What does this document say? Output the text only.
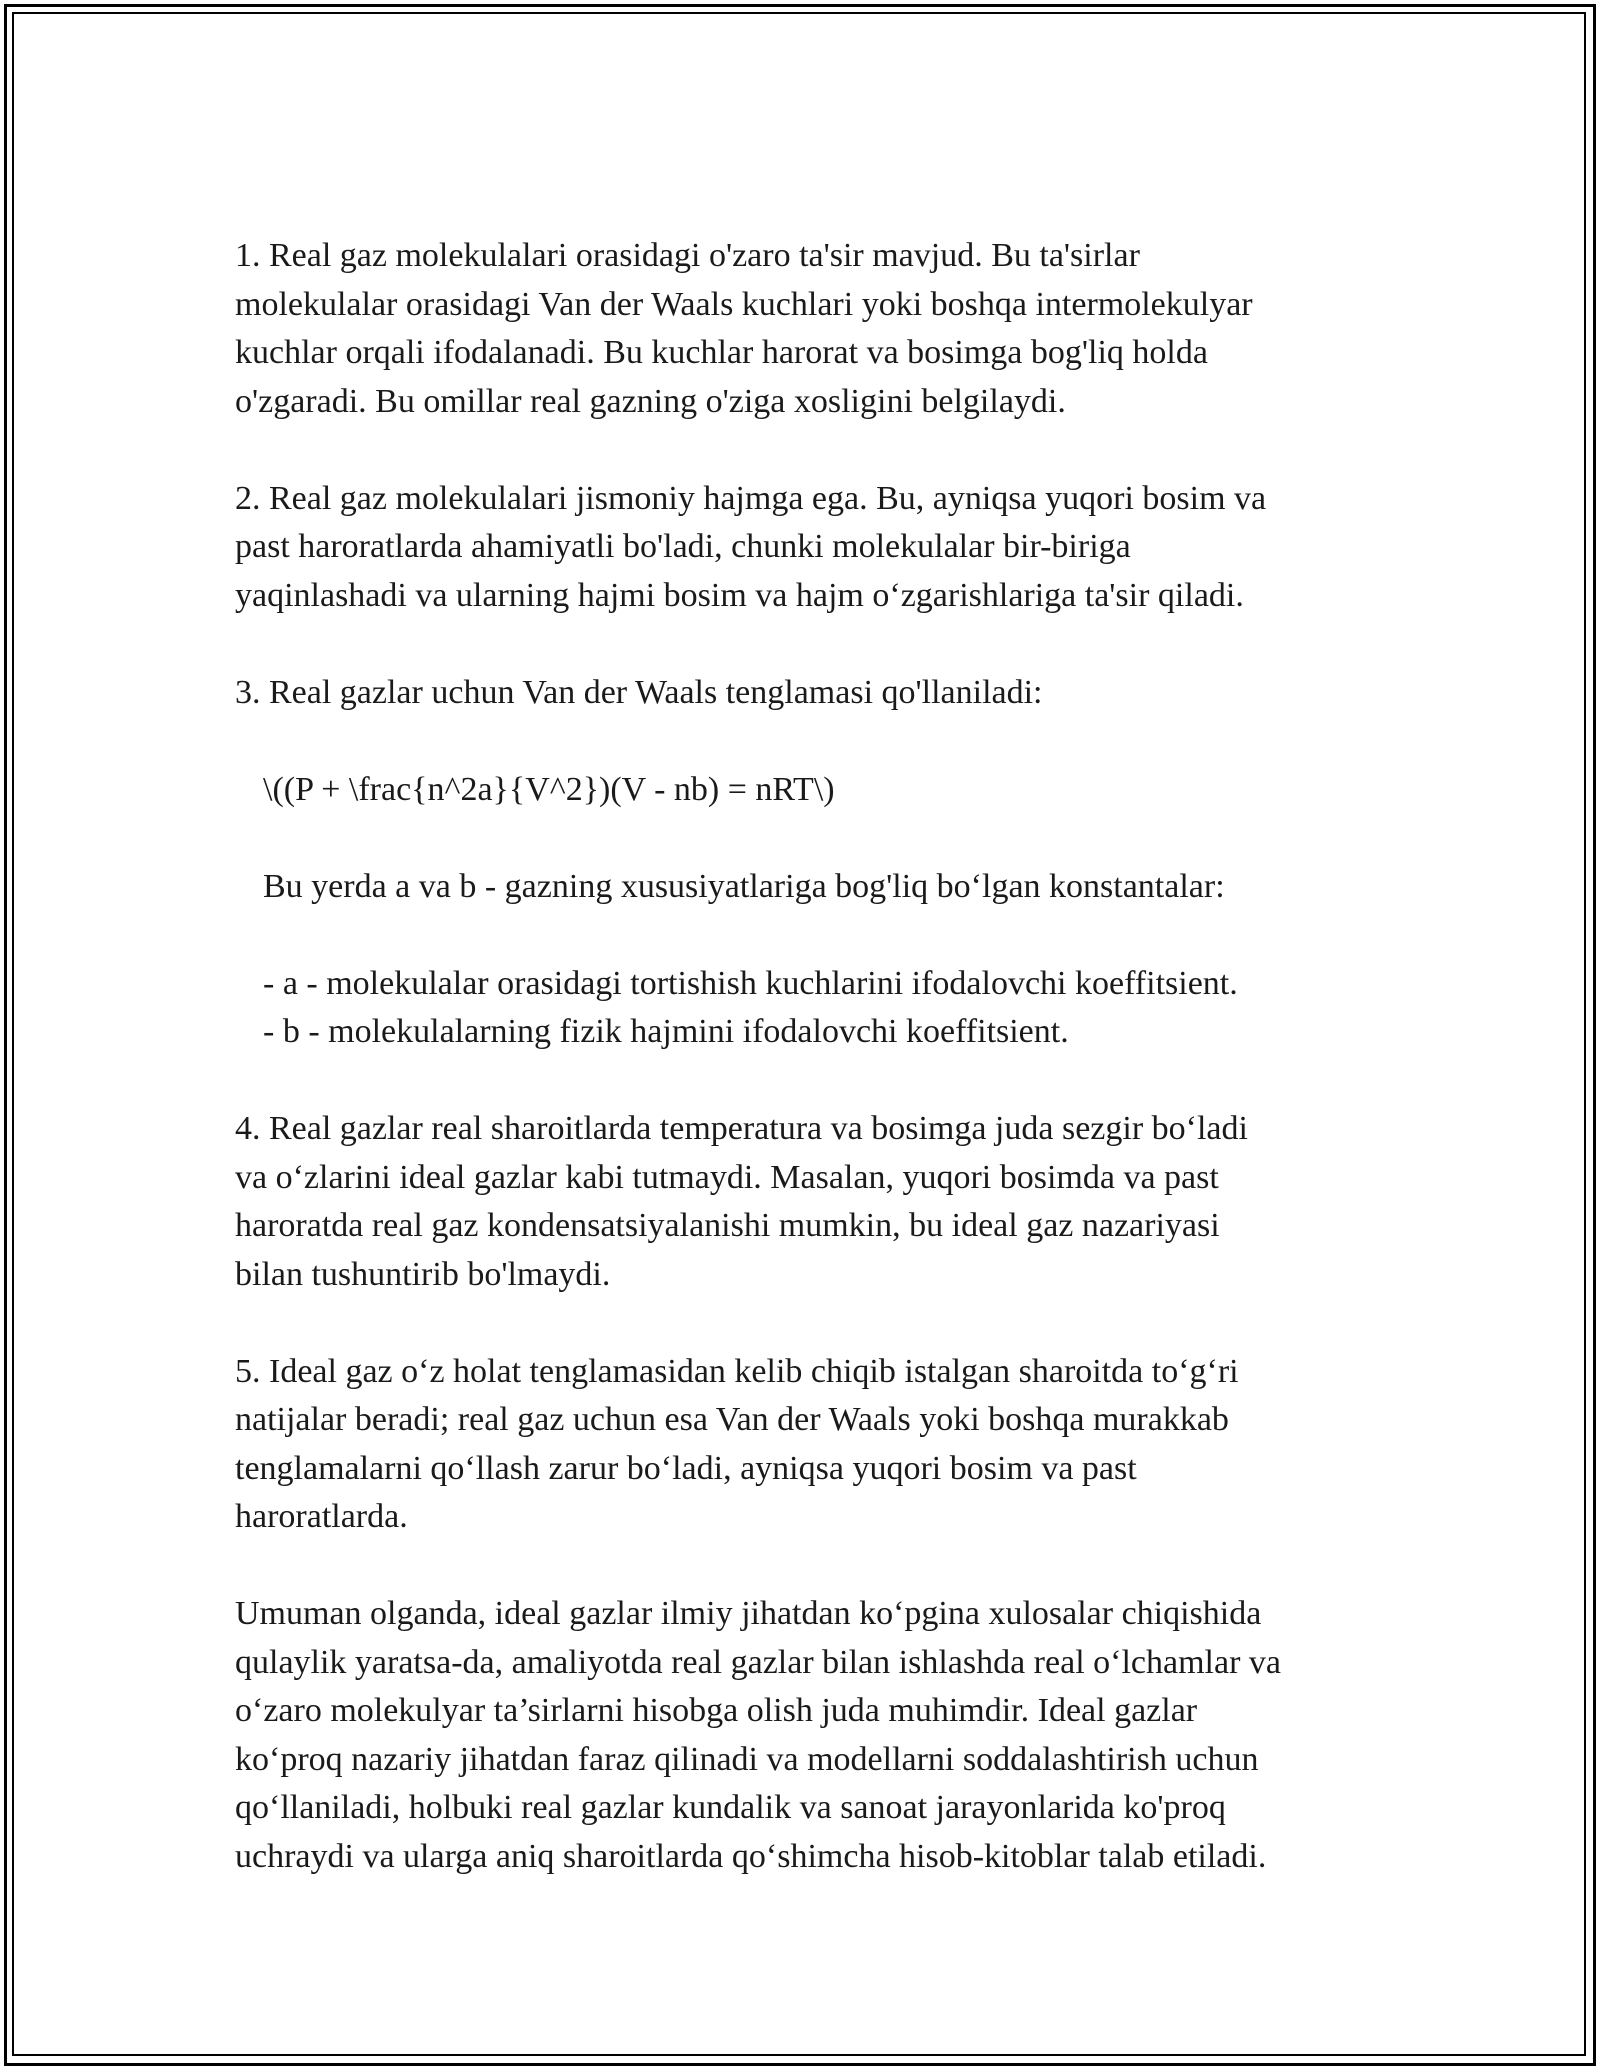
1. Real gaz molekulalari orasidagi o'zaro ta'sir mavjud. Bu ta'sirlar
molekulalar orasidagi Van der Waals kuchlari yoki boshqa intermolekulyar
kuchlar orqali ifodalanadi. Bu kuchlar harorat va bosimga bog'liq holda
o'zgaradi. Bu omillar real gazning o'ziga xosligini belgilaydi.

2. Real gaz molekulalari jismoniy hajmga ega. Bu, ayniqsa yuqori bosim va
past haroratlarda ahamiyatli bo'ladi, chunki molekulalar bir-biriga
yaqinlashadi va ularning hajmi bosim va hajm o‘zgarishlariga ta'sir qiladi.

3. Real gazlar uchun Van der Waals tenglamasi qo'llaniladi:

\((P + \frac{n^2a}{V^2})(V - nb) = nRT\)

Bu yerda a va b - gazning xususiyatlariga bog'liq bo‘lgan konstantalar:

- a - molekulalar orasidagi tortishish kuchlarini ifodalovchi koeffitsient.
- b - molekulalarning fizik hajmini ifodalovchi koeffitsient.

4. Real gazlar real sharoitlarda temperatura va bosimga juda sezgir bo‘ladi
va o‘zlarini ideal gazlar kabi tutmaydi. Masalan, yuqori bosimda va past
haroratda real gaz kondensatsiyalanishi mumkin, bu ideal gaz nazariyasi
bilan tushuntirib bo'lmaydi.

5. Ideal gaz o‘z holat tenglamasidan kelib chiqib istalgan sharoitda to‘g‘ri
natijalar beradi; real gaz uchun esa Van der Waals yoki boshqa murakkab
tenglamalarni qo‘llash zarur bo‘ladi, ayniqsa yuqori bosim va past
haroratlarda.

Umuman olganda, ideal gazlar ilmiy jihatdan ko‘pgina xulosalar chiqishida
qulaylik yaratsa-da, amaliyotda real gazlar bilan ishlashda real o‘lchamlar va
o‘zaro molekulyar ta’sirlarni hisobga olish juda muhimdir. Ideal gazlar
ko‘proq nazariy jihatdan faraz qilinadi va modellarni soddalashtirish uchun
qo‘llaniladi, holbuki real gazlar kundalik va sanoat jarayonlarida ko'proq
uchraydi va ularga aniq sharoitlarda qo‘shimcha hisob-kitoblar talab etiladi.
